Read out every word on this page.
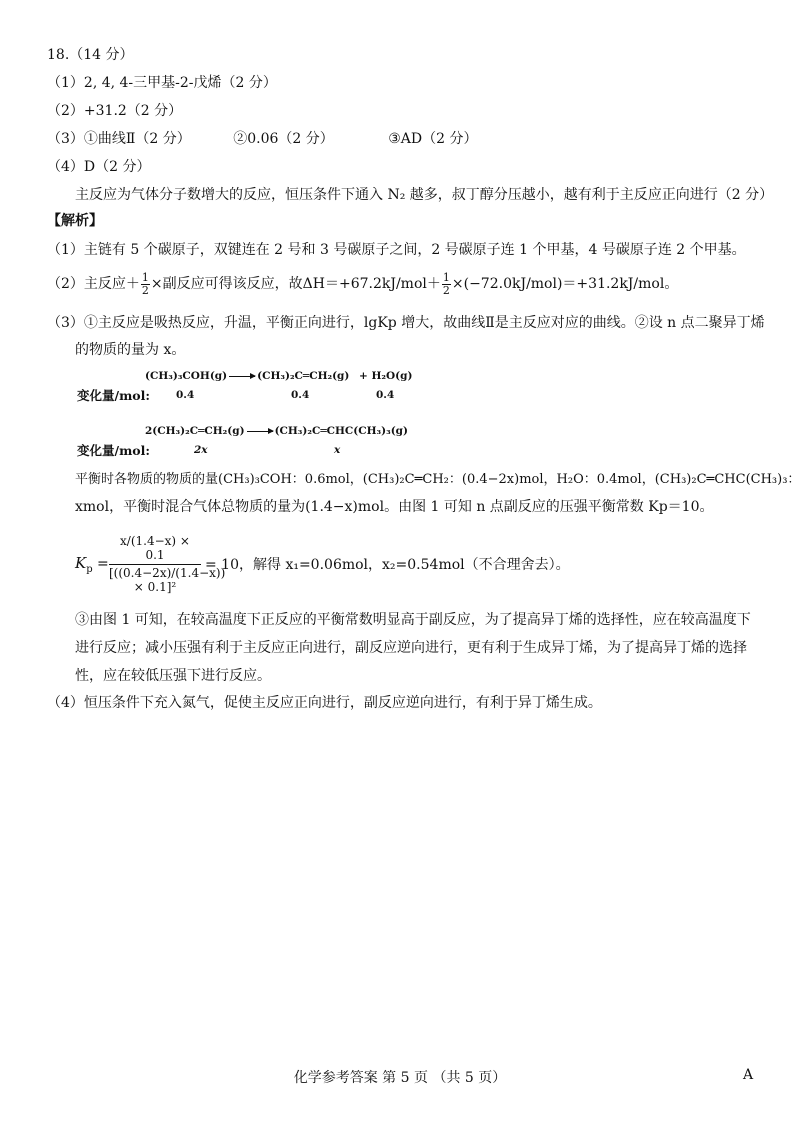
18.（14 分）
（1）2, 4, 4-三甲基-2-戊烯（2 分）
（2）+31.2（2 分）
（3）①曲线Ⅱ（2 分）	②0.06（2 分）	③AD（2 分）
（4）D（2 分）
主反应为气体分子数增大的反应，恒压条件下通入 N₂ 越多，叔丁醇分压越小，越有利于主反应正向进行（2 分）
【解析】
（1）主链有 5 个碳原子，双键连在 2 号和 3 号碳原子之间，2 号碳原子连 1 个甲基，4 号碳原子连 2 个甲基。
（2）主反应＋ $\frac{1}{2}$ ×副反应可得该反应，故$\Delta H=+67.2kJ/mol+ \frac{1}{2} \times(-72.0kJ/mol)=+31.2kJ/mol$。
（3）①主反应是吸热反应，升温，平衡正向进行，lgKp 增大，故曲线Ⅱ是主反应对应的曲线。②设 n 点二聚异丁烯
的物质的量为 x。
(CH₃)₃COH(g)	(CH₃)₂C═CH₂(g) + H₂O(g)
变化量/mol: 0.4	0.4	0.4
2(CH₃)₂C═CH₂(g)	(CH₃)₂C═CHC(CH₃)₃(g)
变化量/mol:	2x	x
平衡时各物质的物质的量(CH₃)₃COH：0.6mol，(CH₃)₂C═CH₂：(0.4−2x)mol，H₂O：0.4mol，(CH₃)₂C═CHC(CH₃)₃：
xmol，平衡时混合气体总物质的量为(1.4−x)mol。由图 1 可知 n 点副反应的压强平衡常数 Kp＝10。
$K_p$ =
x/(1.4−x) × 0.1
[((0.4−2x)/(1.4−x)) × 0.1]²
= 10，解得 x₁=0.06mol，x₂=0.54mol（不合理舍去）。
③由图 1 可知，在较高温度下正反应的平衡常数明显高于副反应，为了提高异丁烯的选择性，应在较高温度下
进行反应；减小压强有利于主反应正向进行，副反应逆向进行，更有利于生成异丁烯，为了提高异丁烯的选择
性，应在较低压强下进行反应。
（4）恒压条件下充入氮气，促使主反应正向进行，副反应逆向进行，有利于异丁烯生成。
化学参考答案 第 5 页 （共 5 页）	A
